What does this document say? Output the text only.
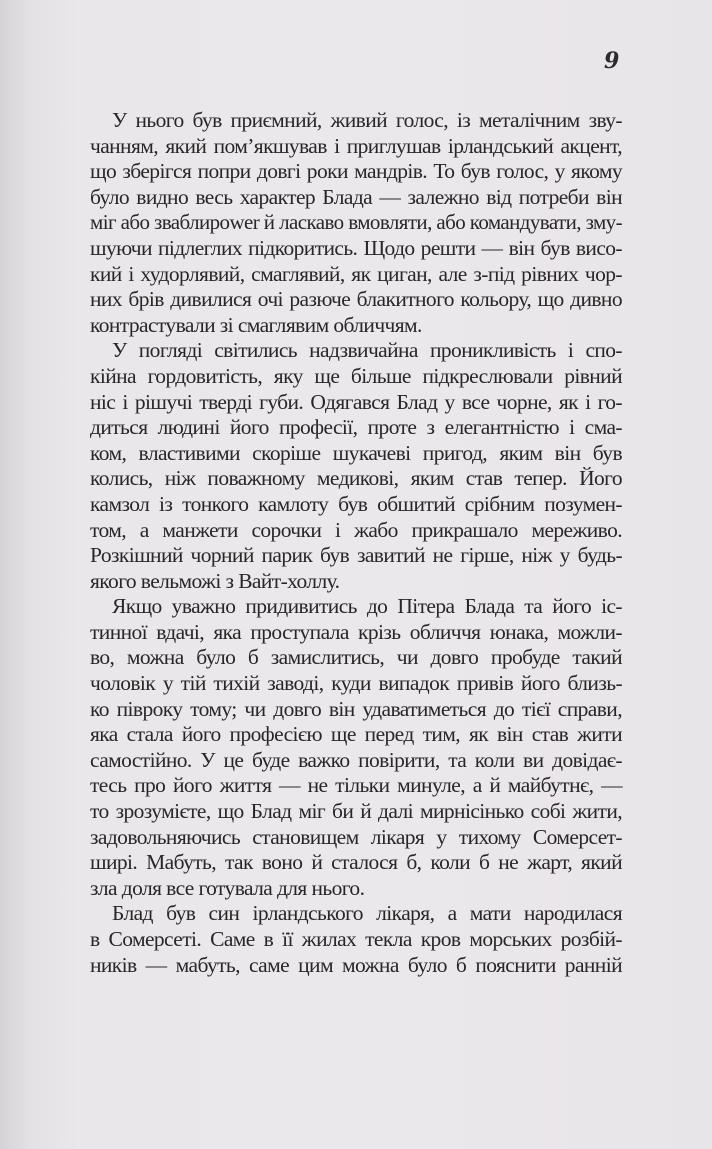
9
У нього був приємний, живий голос, із металічним зву-
чанням, який пом’якшував і приглушав ірландський акцент,
що зберігся попри довгі роки мандрів. То був голос, у якому
було видно весь характер Блада — залежно від потреби він
міг або зваблиpower й ласкаво вмовляти, або командувати, зму-
шуючи підлеглих підкоритись. Щодо решти — він був висо-
кий і худорлявий, смаглявий, як циган, але з-під рівних чор-
них брів дивилися очі разюче блакитного кольору, що дивно
контрастували зі смаглявим обличчям.
У погляді світились надзвичайна проникливість і спо-
кійна гордовитість, яку ще більше підкреслювали рівний
ніс і рішучі тверді губи. Одягався Блад у все чорне, як і го-
диться людині його професії, проте з елегантністю і сма-
ком, властивими скоріше шукачеві пригод, яким він був
колись, ніж поважному медикові, яким став тепер. Його
камзол із тонкого камлоту був обшитий срібним позумен-
том, а манжети сорочки і жабо прикрашало мереживо.
Розкішний чорний парик був завитий не гірше, ніж у будь-
якого вельможі з Вайт-холлу.
Якщо уважно придивитись до Пітера Блада та його іс-
тинної вдачі, яка проступала крізь обличчя юнака, можли-
во, можна було б замислитись, чи довго пробуде такий
чоловік у тій тихій заводі, куди випадок привів його близь-
ко півроку тому; чи довго він удаватиметься до тієї справи,
яка стала його професією ще перед тим, як він став жити
самостійно. У це буде важко повірити, та коли ви довідає-
тесь про його життя — не тільки минуле, а й майбутнє, —
то зрозумієте, що Блад міг би й далі мирнісінько собі жити,
задовольняючись становищем лікаря у тихому Сомерсет-
ширі. Мабуть, так воно й сталося б, коли б не жарт, який
зла доля все готувала для нього.
Блад був син ірландського лікаря, а мати народилася
в Сомерсеті. Саме в її жилах текла кров морських розбій-
ників — мабуть, саме цим можна було б пояснити ранній
